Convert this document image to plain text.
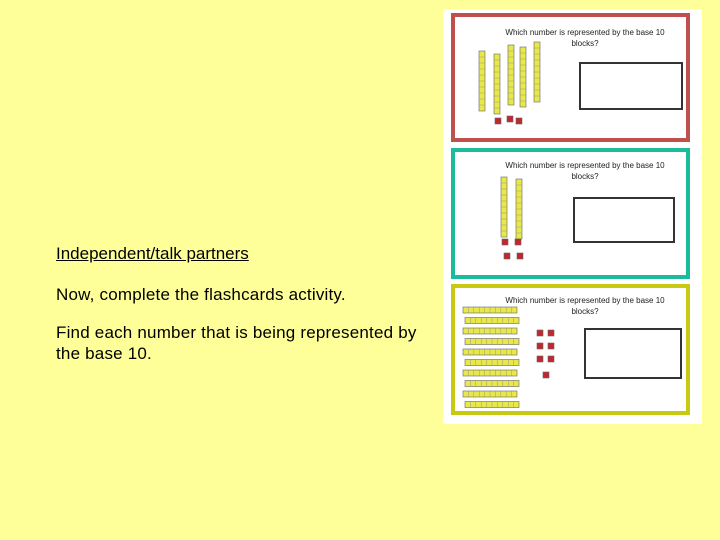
Independent/talk partners
Now, complete the flashcards activity.
Find each number that is being represented by the base 10.
Which number is represented by the base 10 blocks?
Which number is represented by the base 10 blocks?
Which number is represented by the base 10 blocks?
